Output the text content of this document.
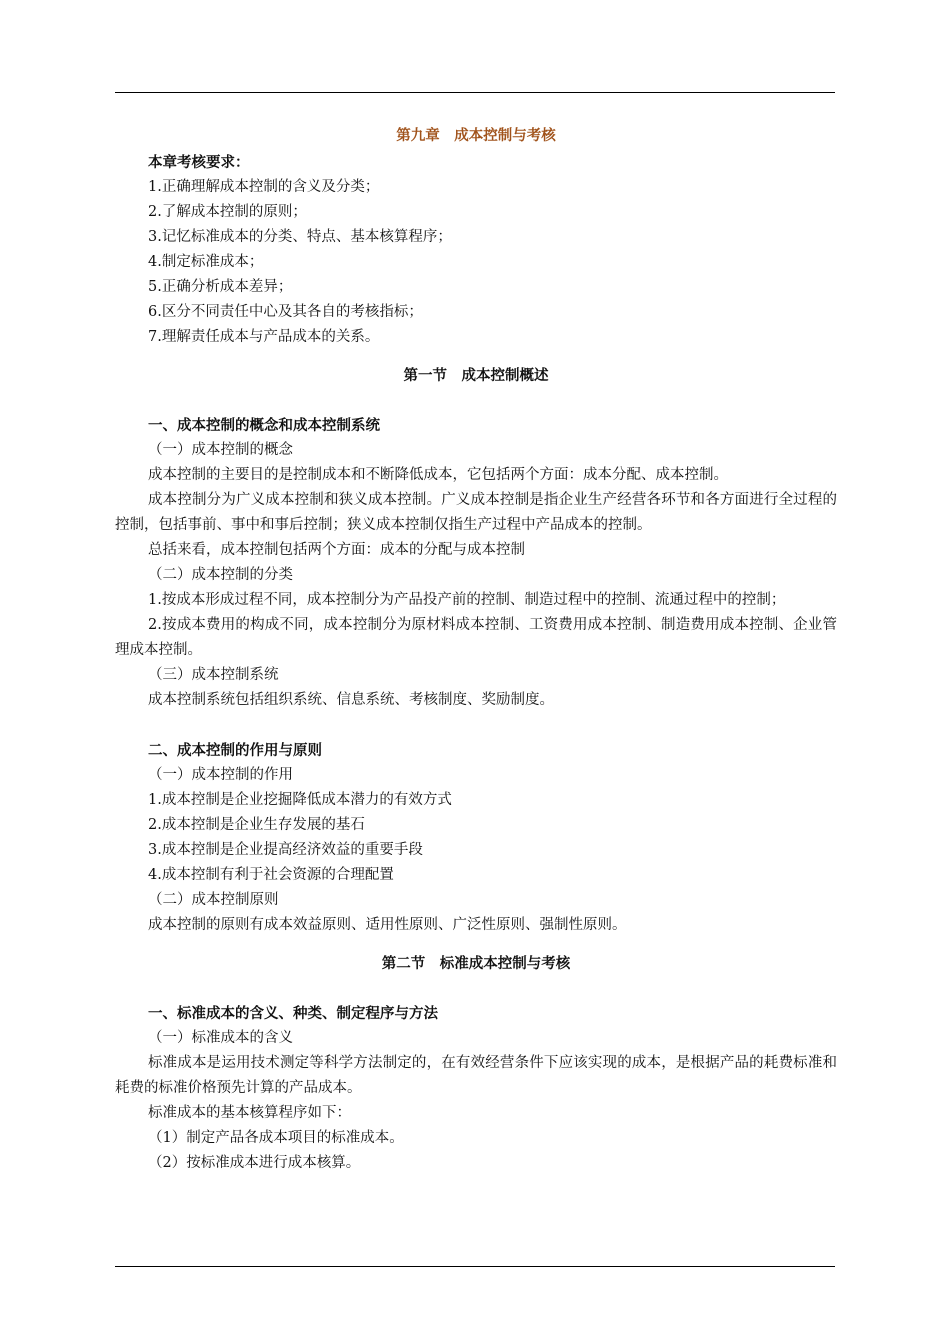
第九章　成本控制与考核
本章考核要求：
1.正确理解成本控制的含义及分类；
2.了解成本控制的原则；
3.记忆标准成本的分类、特点、基本核算程序；
4.制定标准成本；
5.正确分析成本差异；
6.区分不同责任中心及其各自的考核指标；
7.理解责任成本与产品成本的关系。
第一节　成本控制概述
一、成本控制的概念和成本控制系统
（一）成本控制的概念
成本控制的主要目的是控制成本和不断降低成本，它包括两个方面：成本分配、成本控制。
成本控制分为广义成本控制和狭义成本控制。广义成本控制是指企业生产经营各环节和各方面进行全过程的控制，包括事前、事中和事后控制；狭义成本控制仅指生产过程中产品成本的控制。
总括来看，成本控制包括两个方面：成本的分配与成本控制
（二）成本控制的分类
1.按成本形成过程不同，成本控制分为产品投产前的控制、制造过程中的控制、流通过程中的控制；
2.按成本费用的构成不同，成本控制分为原材料成本控制、工资费用成本控制、制造费用成本控制、企业管理成本控制。
（三）成本控制系统
成本控制系统包括组织系统、信息系统、考核制度、奖励制度。
二、成本控制的作用与原则
（一）成本控制的作用
1.成本控制是企业挖掘降低成本潜力的有效方式
2.成本控制是企业生存发展的基石
3.成本控制是企业提高经济效益的重要手段
4.成本控制有利于社会资源的合理配置
（二）成本控制原则
成本控制的原则有成本效益原则、适用性原则、广泛性原则、强制性原则。
第二节　标准成本控制与考核
一、标准成本的含义、种类、制定程序与方法
（一）标准成本的含义
标准成本是运用技术测定等科学方法制定的，在有效经营条件下应该实现的成本，是根据产品的耗费标准和耗费的标准价格预先计算的产品成本。
标准成本的基本核算程序如下：
（1）制定产品各成本项目的标准成本。
（2）按标准成本进行成本核算。
